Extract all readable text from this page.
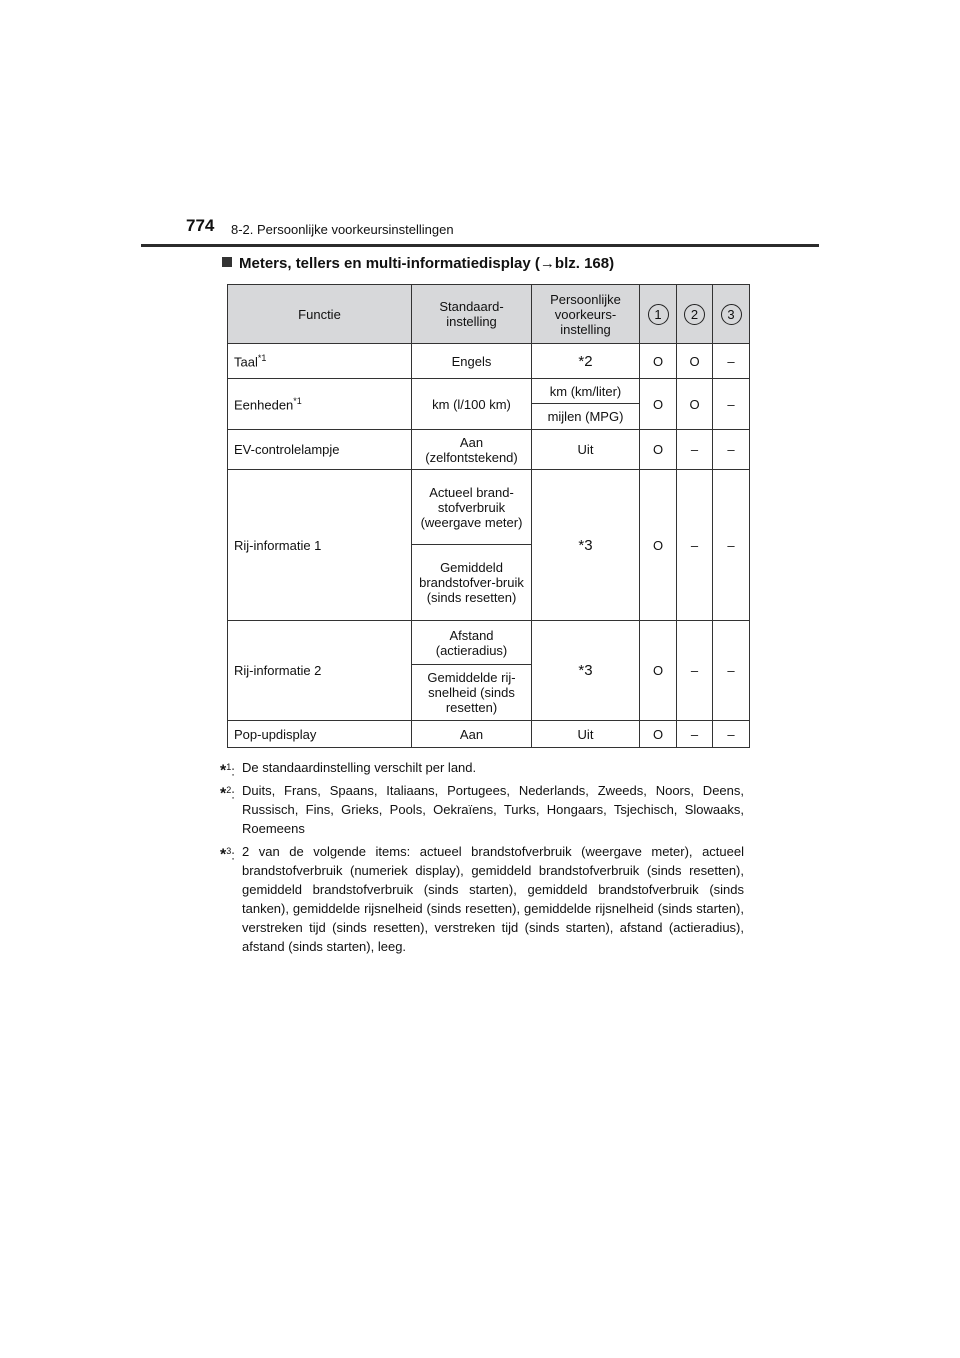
774 8-2. Persoonlijke voorkeursinstellingen
Meters, tellers en multi-informatiedisplay (→blz. 168)
Functie	Standaard-instelling	Persoonlijke voorkeurs-instelling	1	2	3
Taal$^{*1}$	Engels	*2	O	O	–
Eenheden$^{*1}$	km (l/100 km)	km (km/liter)	O	O	–
		mijlen (MPG)			
EV-controlelampje	Aan (zelfontstekend)	Uit	O	–	–
Rij-informatie 1	Actueel brand-stofverbruik (weergave meter)	*3	O	–	–
	Gemiddeld brandstofver-bruik (sinds resetten)				
Rij-informatie 2	Afstand (actieradius)	*3	O	–	–
	Gemiddelde rij-snelheid (sinds resetten)				
Pop-updisplay	Aan	Uit	O	–	–
*$^1$: De standaardinstelling verschilt per land.
*$^2$: Duits, Frans, Spaans, Italiaans, Portugees, Nederlands, Zweeds, Noors, Deens, Russisch, Fins, Grieks, Pools, Oekraïens, Turks, Hongaars, Tsjechisch, Slowaaks, Roemeens
*$^3$: 2 van de volgende items: actueel brandstofverbruik (weergave meter), actueel brandstofverbruik (numeriek display), gemiddeld brandstofverbruik (sinds resetten), gemiddeld brandstofverbruik (sinds starten), gemiddeld brandstofverbruik (sinds tanken), gemiddelde rijsnelheid (sinds resetten), gemiddelde rijsnelheid (sinds starten), verstreken tijd (sinds resetten), verstreken tijd (sinds starten), afstand (actieradius), afstand (sinds starten), leeg.
